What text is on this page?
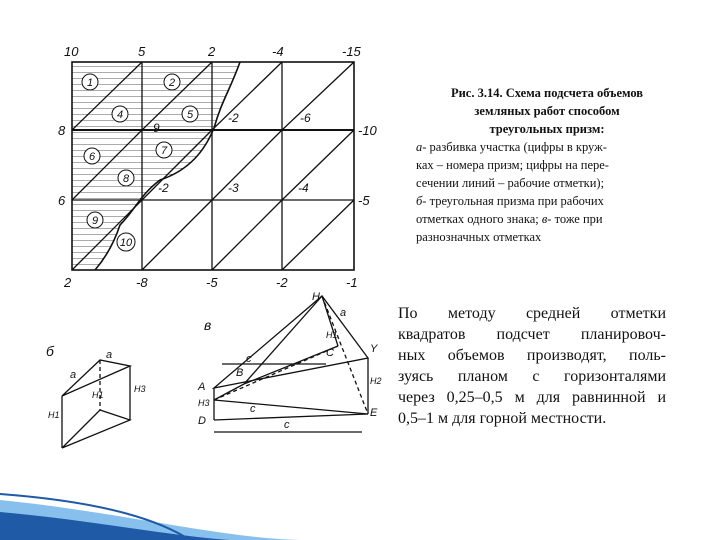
10	5	2	-4	-15
8
6
-10
-5
2	-8	-5	-2	-1
1	2
4	5
6	7
8
9
10
9
-2	-6
-2	-3	-4
б	a
a
H1
H3
H1
в
H
a
H1
Y
c
B
C
A
H3
D
c
H2
E
c
Рис. 3.14. Схема подсчета объемов
земляных работ способом
треугольных призм:
а- разбивка участка (цифры в круж-
ках – номера призм; цифры на пере-
сечении линий – рабочие отметки);
б- треугольная призма при рабочих
отметках одного знака; в- тоже при
разнозначных отметках
По методу средней отметки
квадратов подсчет планировоч-
ных объемов производят, поль-
зуясь планом с горизонталями
через 0,25–0,5 м для равнинной и
0,5–1 м для горной местности.
